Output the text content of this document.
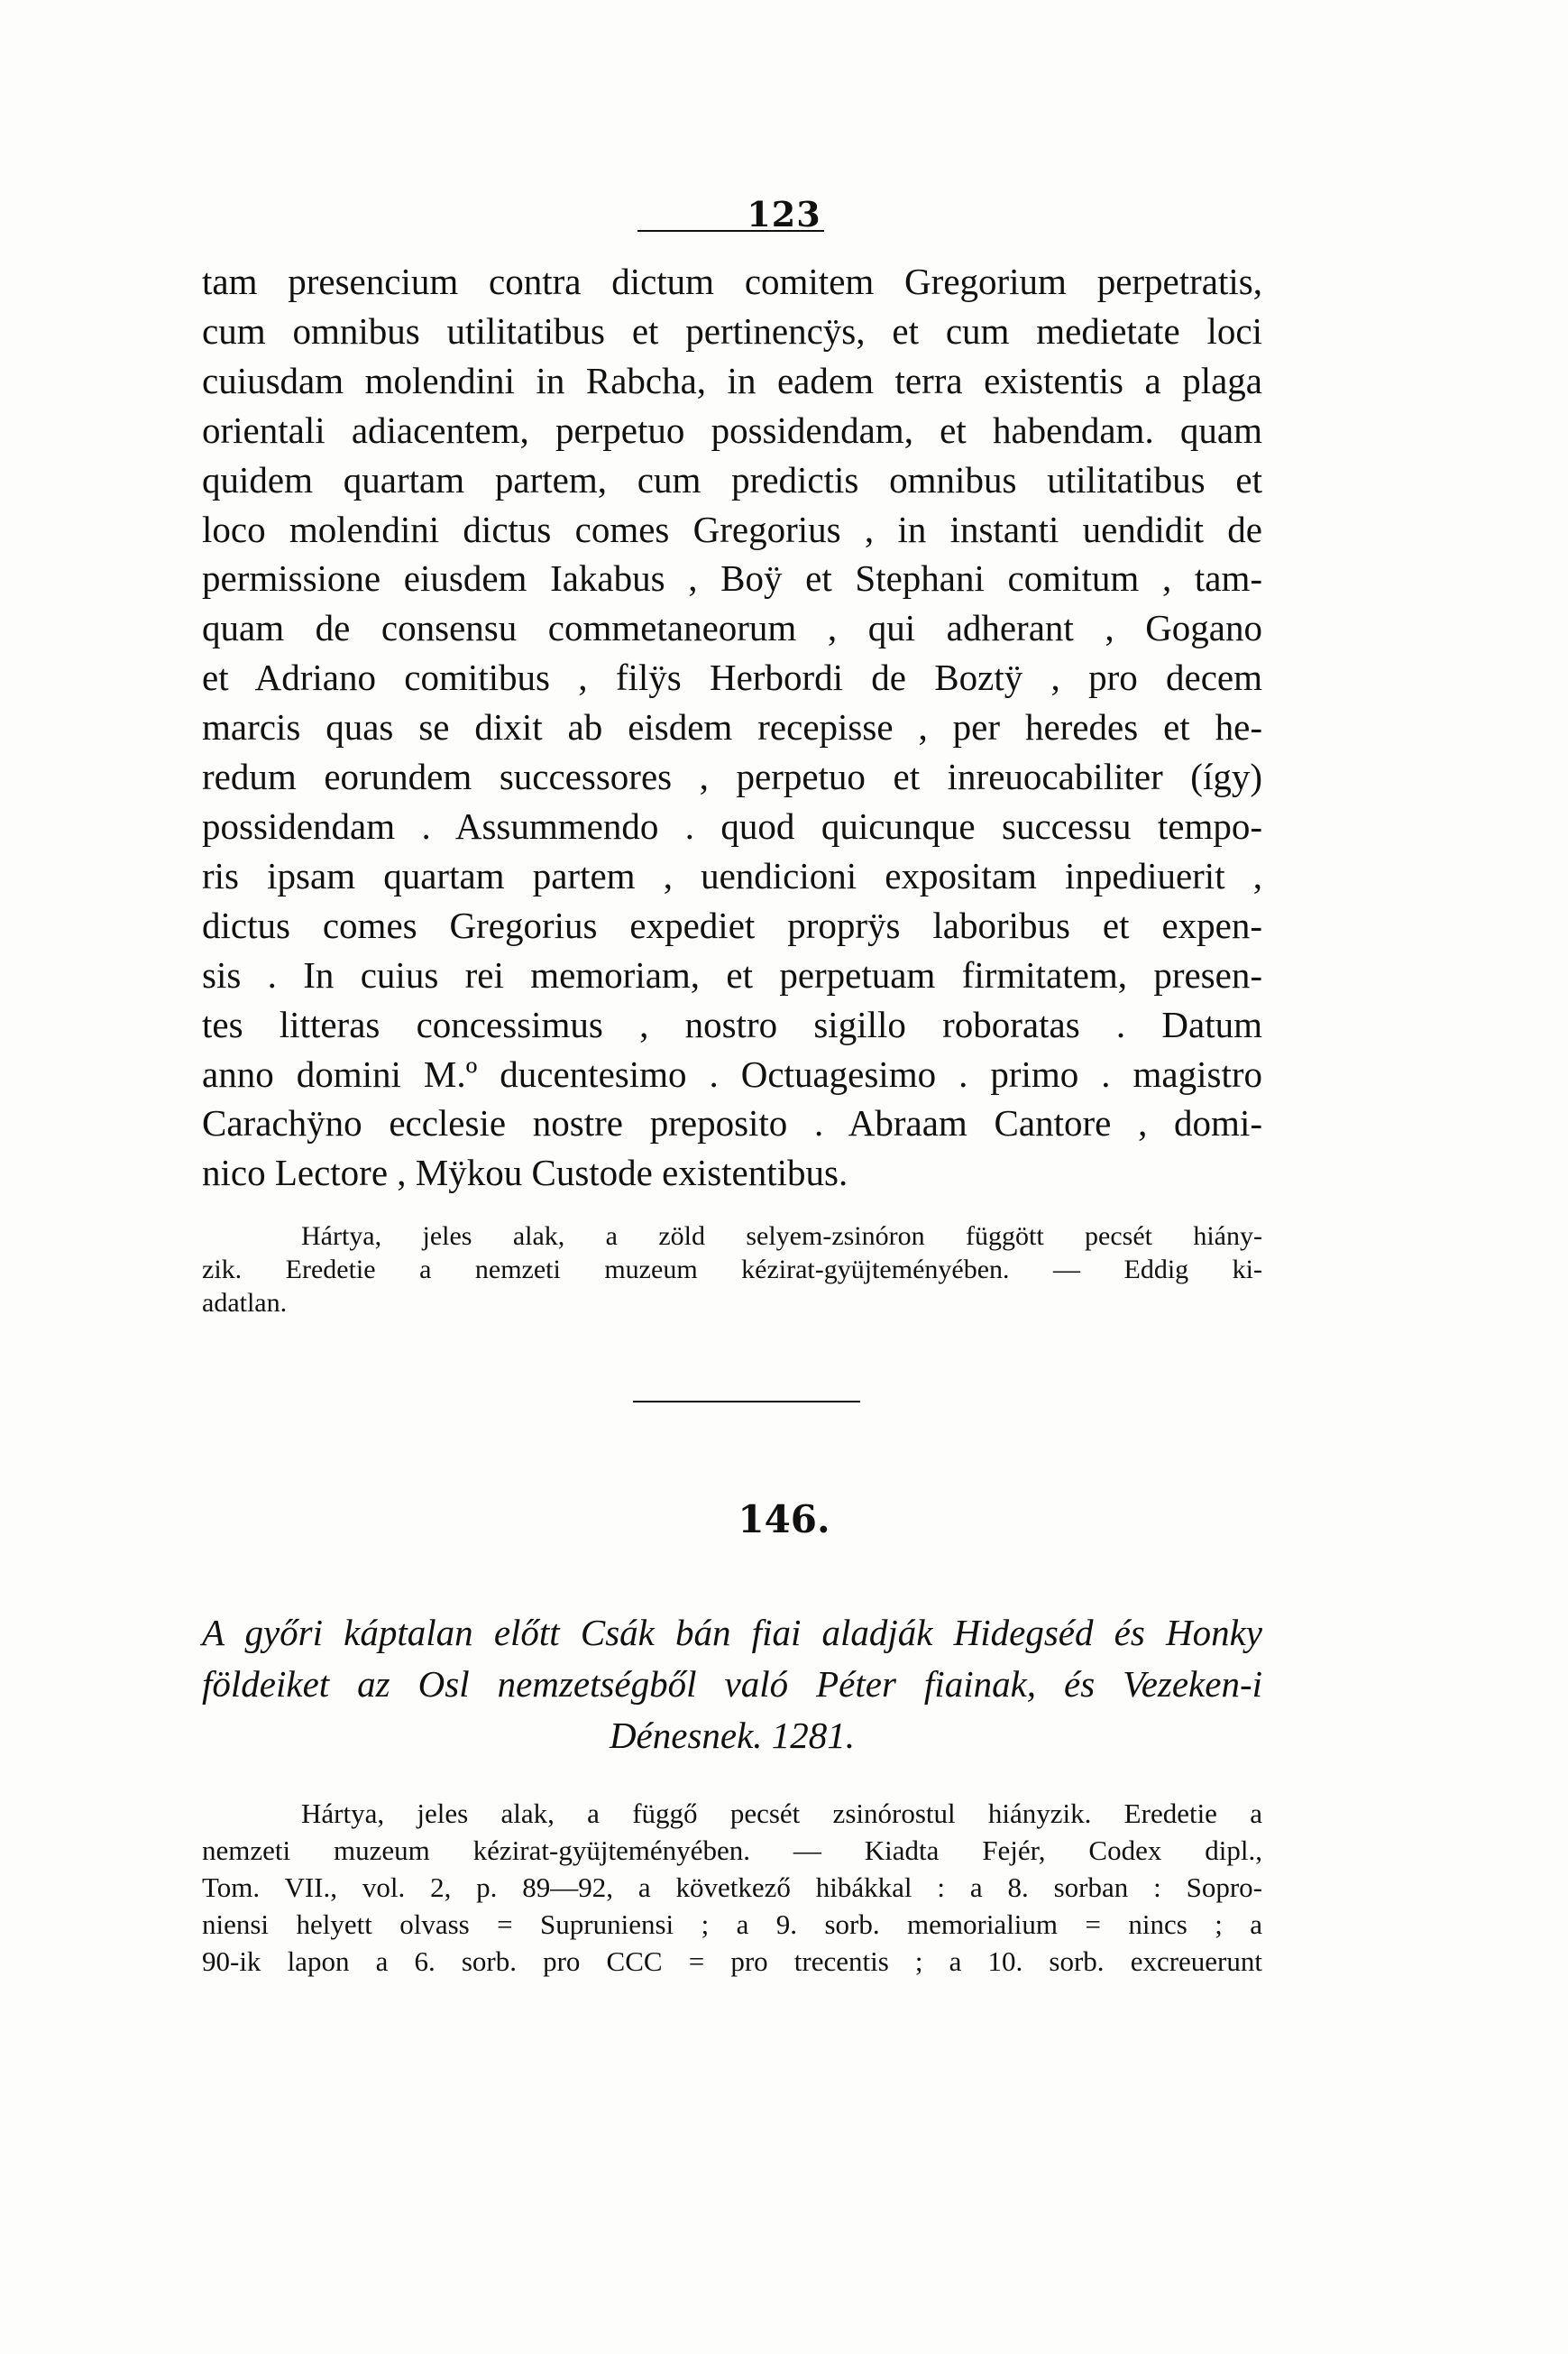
123
tam presencium contra dictum comitem Gregorium perpetratis,
cum omnibus utilitatibus et pertinencÿs, et cum medietate loci
cuiusdam molendini in Rabcha, in eadem terra existentis a plaga
orientali adiacentem, perpetuo possidendam, et habendam. quam
quidem quartam partem, cum predictis omnibus utilitatibus et
loco molendini dictus comes Gregorius , in instanti uendidit de
permissione eiusdem Iakabus , Boÿ et Stephani comitum , tam-
quam de consensu commetaneorum , qui adherant , Gogano
et Adriano comitibus , filÿs Herbordi de Boztÿ , pro decem
marcis quas se dixit ab eisdem recepisse , per heredes et he-
redum eorundem successores , perpetuo et inreuocabiliter (így)
possidendam . Assummendo . quod quicunque successu tempo-
ris ipsam quartam partem , uendicioni expositam inpediuerit ,
dictus comes Gregorius expediet proprÿs laboribus et expen-
sis . In cuius rei memoriam, et perpetuam firmitatem, presen-
tes litteras concessimus , nostro sigillo roboratas . Datum
anno domini M.º ducentesimo . Octuagesimo . primo . magistro
Carachÿno ecclesie nostre preposito . Abraam Cantore , domi-
nico Lectore , Mÿkou Custode existentibus.
Hártya, jeles alak, a zöld selyem-zsinóron függött pecsét hiány-
zik. Eredetie a nemzeti muzeum kézirat-gyüjteményében. — Eddig ki-
adatlan.
146.
A győri káptalan előtt Csák bán fiai aladják Hidegséd és Honky
földeiket az Osl nemzetségből való Péter fiainak, és Vezeken-i
Dénesnek. 1281.
Hártya, jeles alak, a függő pecsét zsinórostul hiányzik. Eredetie a
nemzeti muzeum kézirat-gyüjteményében. — Kiadta Fejér, Codex dipl.,
Tom. VII., vol. 2, p. 89—92, a következő hibákkal : a 8. sorban : Sopro-
niensi helyett olvass = Supruniensi ; a 9. sorb. memorialium = nincs ; a
90-ik lapon a 6. sorb. pro CCC = pro trecentis ; a 10. sorb. excreuerunt
